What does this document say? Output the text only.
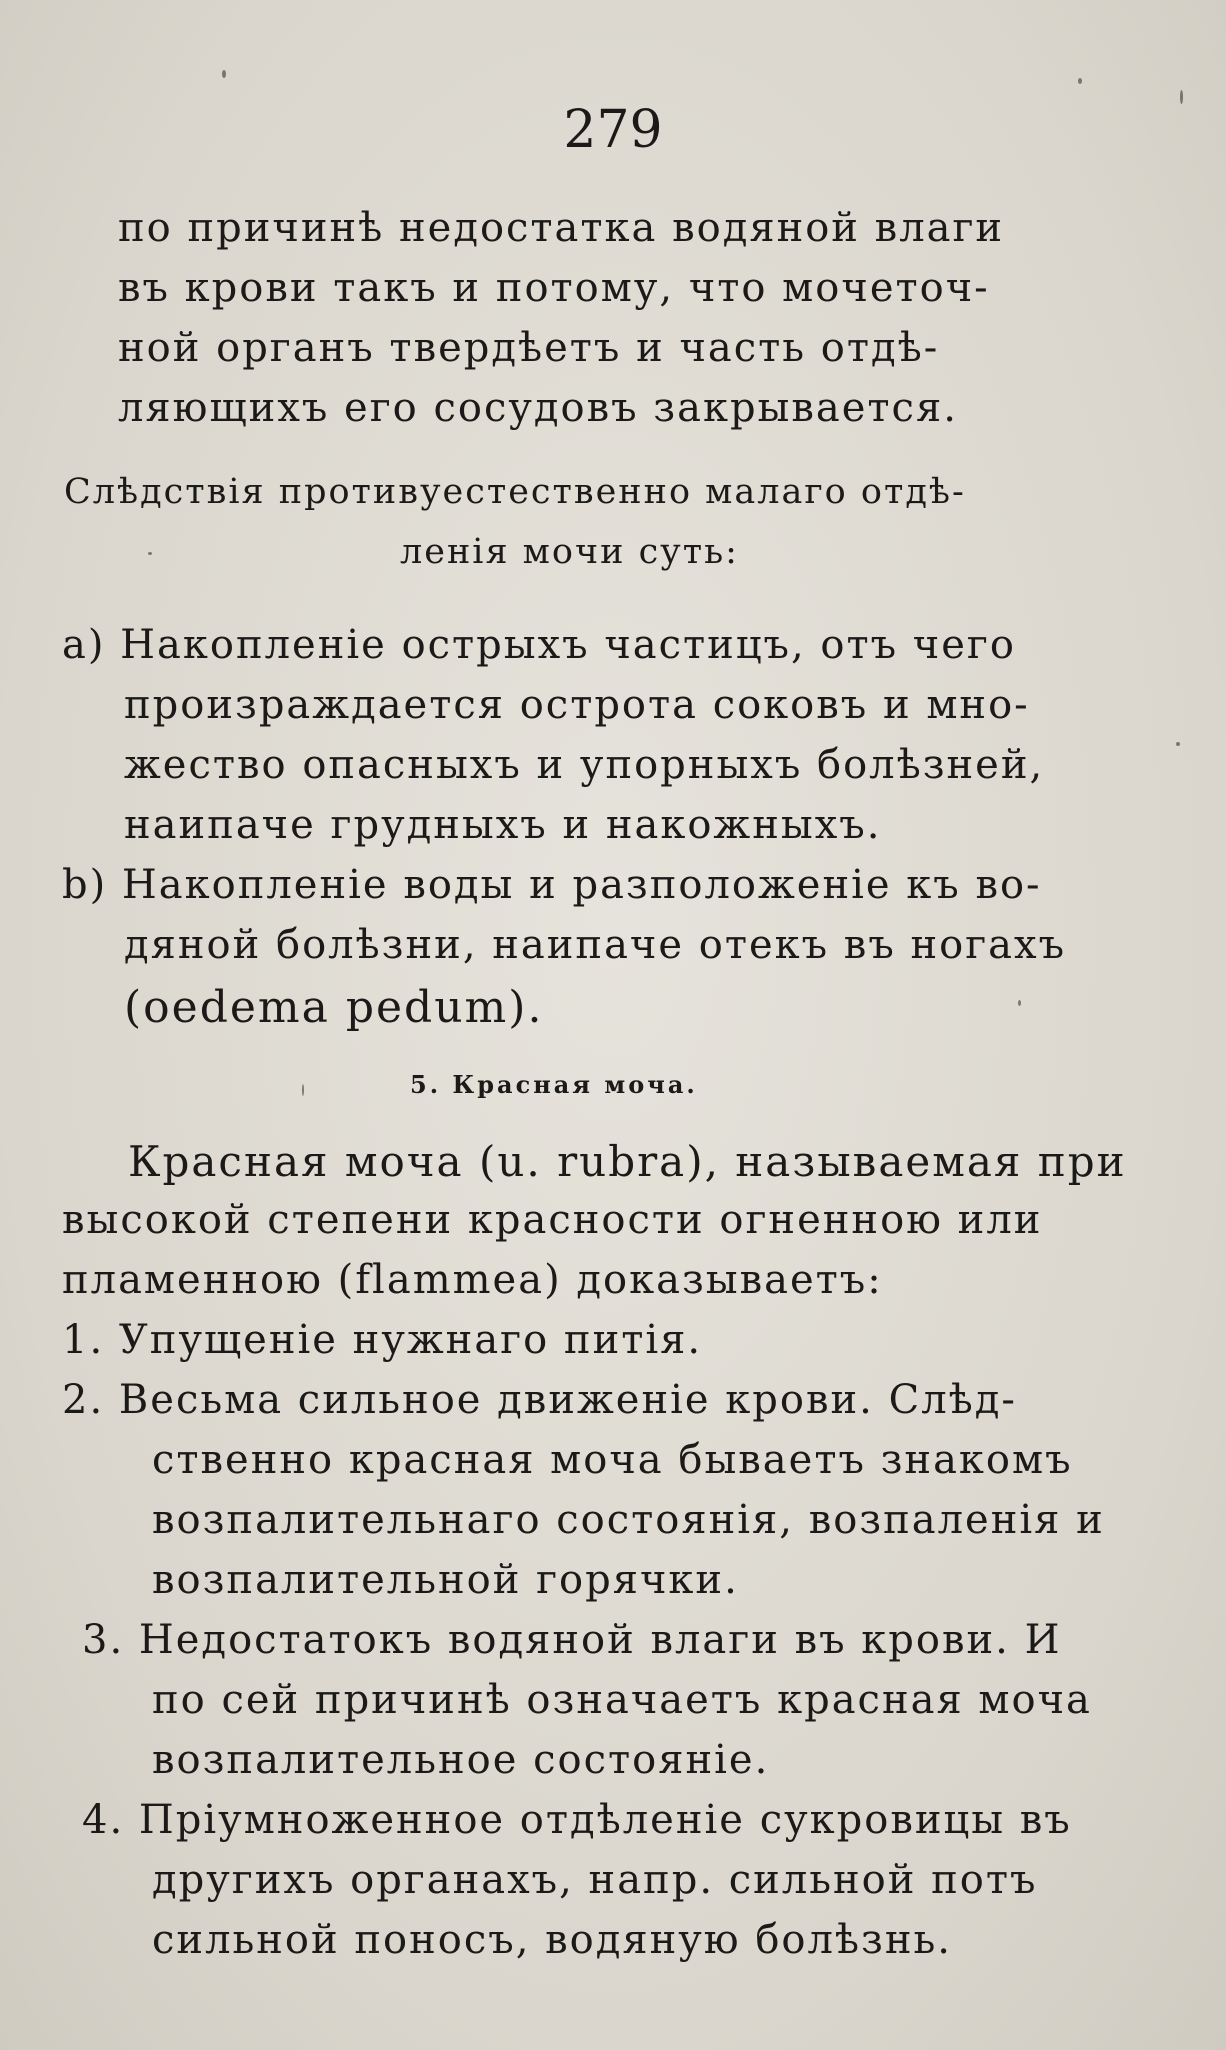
279
по причинѣ недостатка водяной влаги
въ крови такъ и потому, что мочеточ-
ной органъ твердѣетъ и часть отдѣ-
ляющихъ его сосудовъ закрывается.
Слѣдствія противуестественно малаго отдѣ-
ленія мочи суть:
a) Накопленіе острыхъ частицъ, отъ чего
произраждается острота соковъ и мно-
жество опасныхъ и упорныхъ болѣзней,
наипаче грудныхъ и накожныхъ.
b) Накопленіе воды и разположеніе къ во-
дяной болѣзни, наипаче отекъ въ ногахъ
(oedema pedum).
5. Красная моча.
Красная моча (u. rubra), называемая при
высокой степени красности огненною или
пламенною (flammea) доказываетъ:
1. Упущеніе нужнаго питія.
2. Весьма сильное движеніе крови. Слѣд-
ственно красная моча бываетъ знакомъ
возпалительнаго состоянія, возпаленія и
возпалительной горячки.
3. Недостатокъ водяной влаги въ крови. И
по сей причинѣ означаетъ красная моча
возпалительное состояніе.
4. Пріумноженное отдѣленіе сукровицы въ
другихъ органахъ, напр. сильной потъ
сильной поносъ, водяную болѣзнь.
